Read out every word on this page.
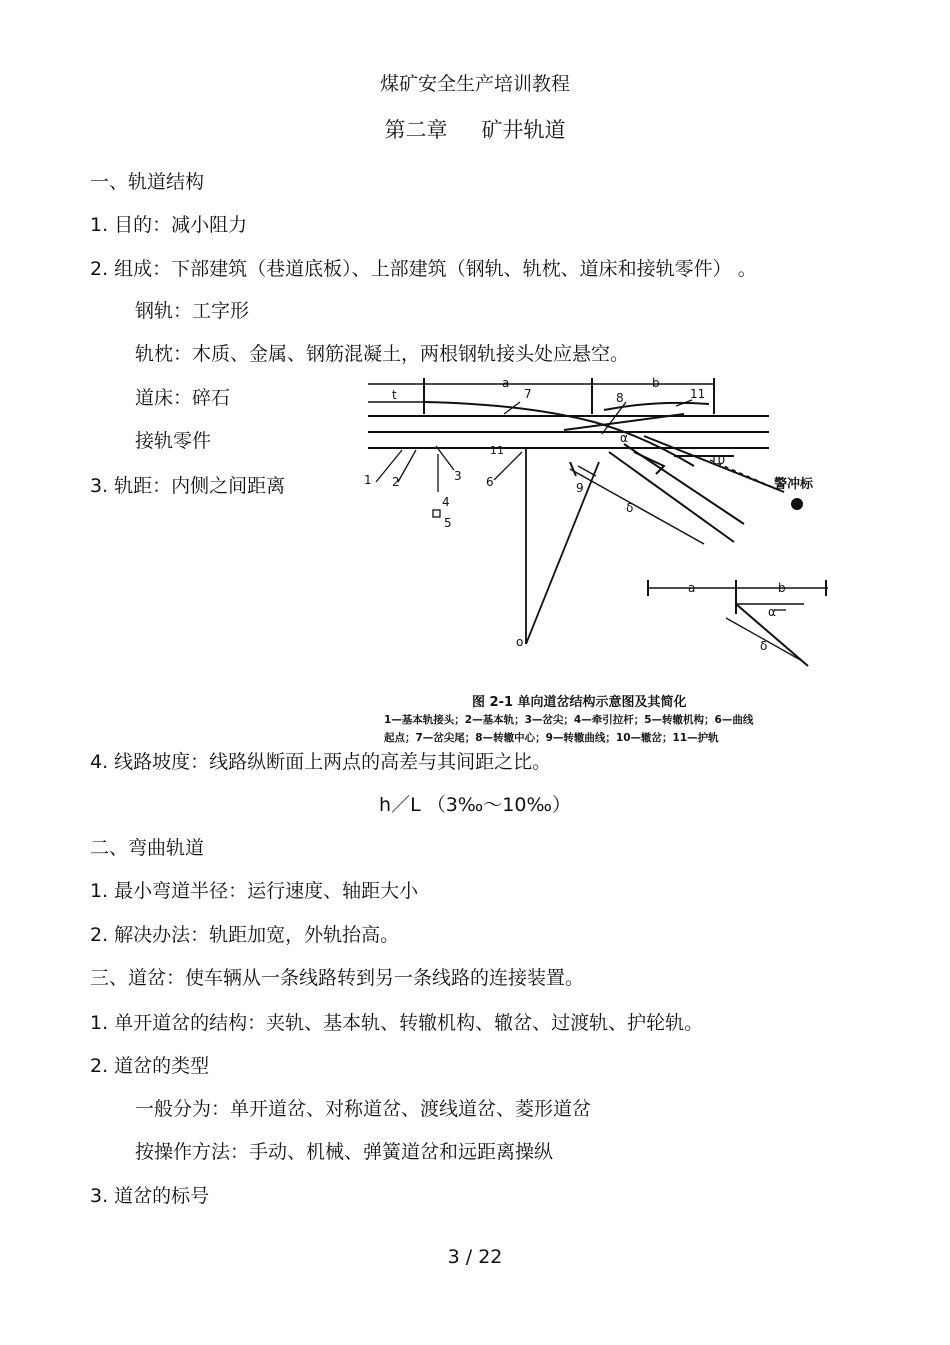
煤矿安全生产培训教程
第二章 矿井轨道
一、轨道结构
1. 目的：减小阻力
2. 组成：下部建筑（巷道底板）、上部建筑（钢轨、轨枕、道床和接轨零件） 。
钢轨：工字形
轨枕：木质、金属、钢筋混凝土，两根钢轨接头处应悬空。
道床：碎石
接轨零件
3. 轨距：内侧之间距离
t
a	b
1 2	3
4
5
6
7	8
9
10
11
11
α
δ
o
警冲标
a	b
α
δ
图 2-1 单向道岔结构示意图及其简化
1—基本轨接头；2—基本轨；3—岔尖；4—牵引拉杆；5—转辙机构；6—曲线
起点；7—岔尖尾；8—转辙中心；9—转辙曲线；10—辙岔；11—护轨
4. 线路坡度：线路纵断面上两点的高差与其间距之比。
h／L （3‰～10‰）
二、弯曲轨道
1. 最小弯道半径：运行速度、轴距大小
2. 解决办法：轨距加宽，外轨抬高。
三、道岔：使车辆从一条线路转到另一条线路的连接装置。
1. 单开道岔的结构：夹轨、基本轨、转辙机构、辙岔、过渡轨、护轮轨。
2. 道岔的类型
一般分为：单开道岔、对称道岔、渡线道岔、菱形道岔
按操作方法：手动、机械、弹簧道岔和远距离操纵
3. 道岔的标号
3 / 22
